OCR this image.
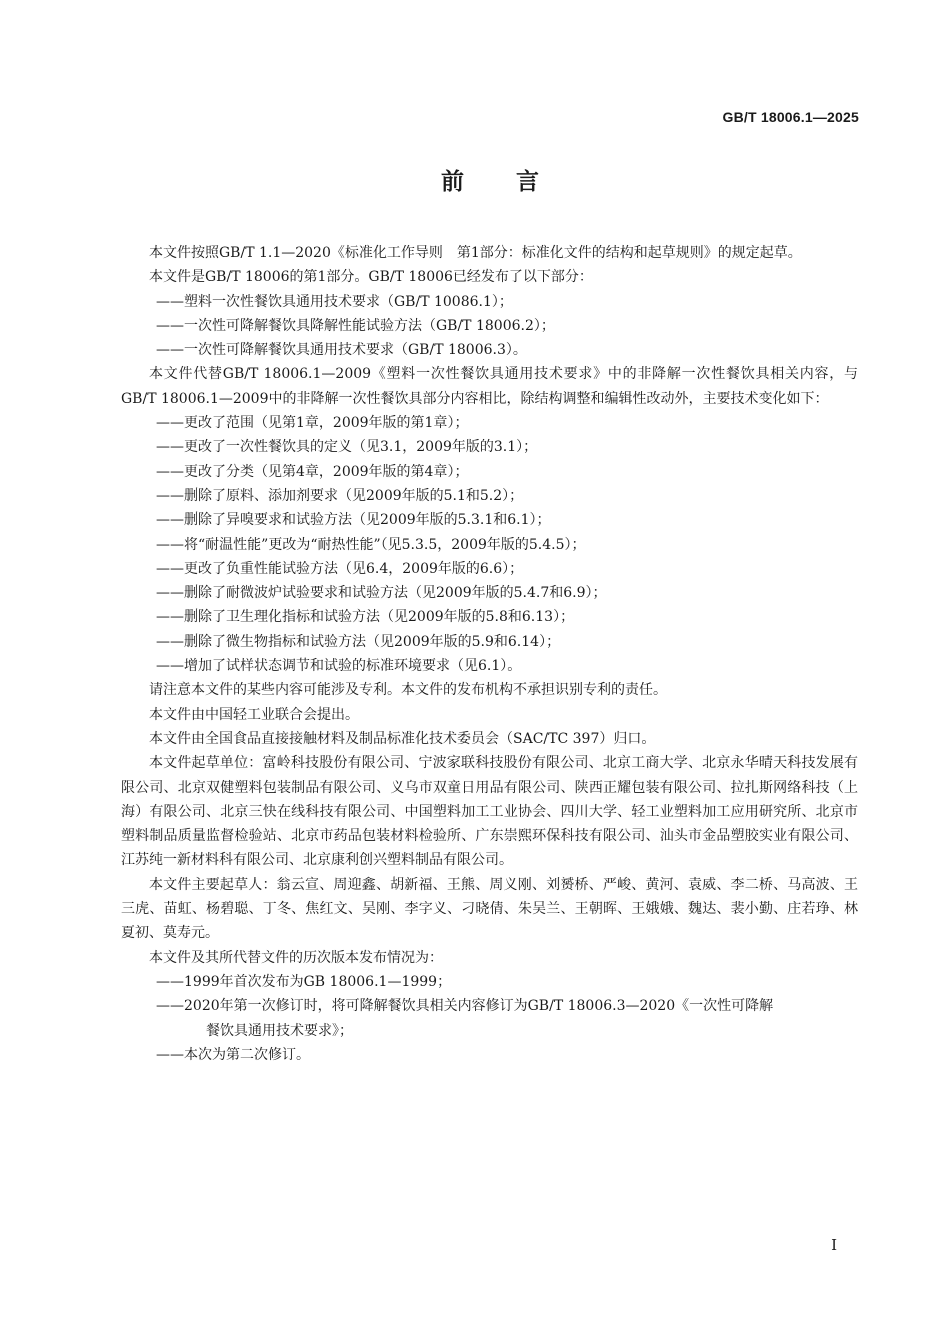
GB/T 18006.1—2025
前 言

本文件按照GB/T 1.1—2020《标准化工作导则　第1部分：标准化文件的结构和起草规则》的规定起草。

本文件是GB/T 18006的第1部分。GB/T 18006已经发布了以下部分：

——塑料一次性餐饮具通用技术要求（GB/T 10086.1）；

——一次性可降解餐饮具降解性能试验方法（GB/T 18006.2）；

——一次性可降解餐饮具通用技术要求（GB/T 18006.3）。

本文件代替GB/T 18006.1—2009《塑料一次性餐饮具通用技术要求》中的非降解一次性餐饮具相关内容，与GB/T 18006.1—2009中的非降解一次性餐饮具部分内容相比，除结构调整和编辑性改动外，主要技术变化如下：

——更改了范围（见第1章，2009年版的第1章）；

——更改了一次性餐饮具的定义（见3.1，2009年版的3.1）；

——更改了分类（见第4章，2009年版的第4章）；

——删除了原料、添加剂要求（见2009年版的5.1和5.2）；

——删除了异嗅要求和试验方法（见2009年版的5.3.1和6.1）；

——将“耐温性能”更改为“耐热性能”（见5.3.5，2009年版的5.4.5）；

——更改了负重性能试验方法（见6.4，2009年版的6.6）；

——删除了耐微波炉试验要求和试验方法（见2009年版的5.4.7和6.9）；

——删除了卫生理化指标和试验方法（见2009年版的5.8和6.13）；

——删除了微生物指标和试验方法（见2009年版的5.9和6.14）；

——增加了试样状态调节和试验的标准环境要求（见6.1）。

请注意本文件的某些内容可能涉及专利。本文件的发布机构不承担识别专利的责任。

本文件由中国轻工业联合会提出。

本文件由全国食品直接接触材料及制品标准化技术委员会（SAC/TC 397）归口。

本文件起草单位：富岭科技股份有限公司、宁波家联科技股份有限公司、北京工商大学、北京永华晴天科技发展有限公司、北京双健塑料包装制品有限公司、义乌市双童日用品有限公司、陕西正耀包装有限公司、拉扎斯网络科技（上海）有限公司、北京三快在线科技有限公司、中国塑料加工工业协会、四川大学、轻工业塑料加工应用研究所、北京市塑料制品质量监督检验站、北京市药品包装材料检验所、广东崇熙环保科技有限公司、汕头市金品塑胶实业有限公司、江苏纯一新材料科有限公司、北京康利创兴塑料制品有限公司。

本文件主要起草人：翁云宣、周迎鑫、胡新福、王熊、周义刚、刘赟桥、严峻、黄河、袁威、李二桥、马高波、王三虎、苗虹、杨碧聪、丁冬、焦红文、吴刚、李字义、刁晓倩、朱吴兰、王朝晖、王娥娥、魏达、裴小勤、庄若琤、林夏初、莫寿元。

本文件及其所代替文件的历次版本发布情况为：

——1999年首次发布为GB 18006.1—1999；

——2020年第一次修订时，将可降解餐饮具相关内容修订为GB/T 18006.3—2020《一次性可降解
餐饮具通用技术要求》；

——本次为第二次修订。

I
